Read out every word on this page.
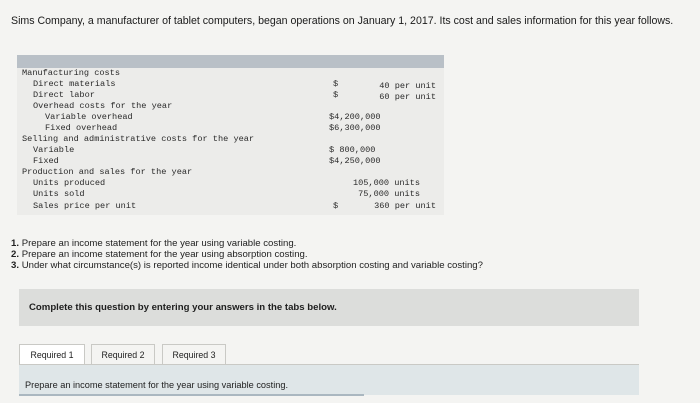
Sims Company, a manufacturer of tablet computers, began operations on January 1, 2017. Its cost and sales information for this year follows.
Manufacturing costs
Direct materials
Direct labor
Overhead costs for the year
Variable overhead
Fixed overhead
Selling and administrative costs for the year
Variable
Fixed
Production and sales for the year
Units produced
Units sold
Sales price per unit
$
$
$
40 per unit
60 per unit
$4,200,000
$6,300,000
$ 800,000
$4,250,000
105,000 units
75,000 units
360 per unit
1. Prepare an income statement for the year using variable costing.
2. Prepare an income statement for the year using absorption costing.
3. Under what circumstance(s) is reported income identical under both absorption costing and variable costing?
Complete this question by entering your answers in the tabs below.
Required 1	Required 2	Required 3
Prepare an income statement for the year using variable costing.
